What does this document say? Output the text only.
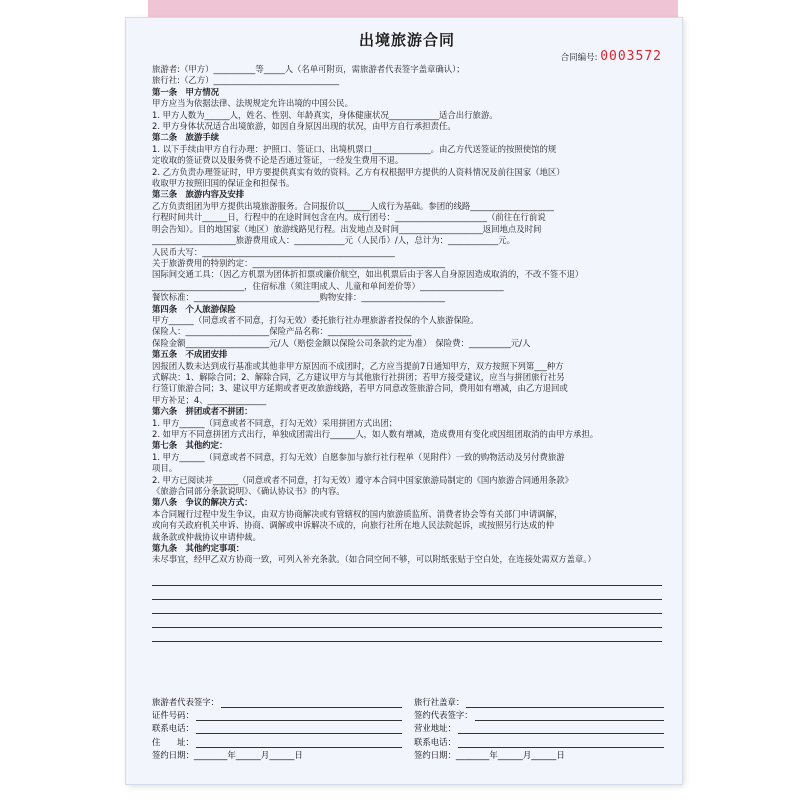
出境旅游合同
合同编号: 0003572
旅游者:（甲方）__________等_____人（名单可附页，需旅游者代表签字盖章确认）；
旅行社:（乙方）______________________________
第一条　甲方情况
甲方应当为依据法律、法规规定允许出境的中国公民。
1. 甲方人数为______人，姓名、性别、年龄真实，身体健康状况____________适合出行旅游。
2. 甲方身体状况适合出境旅游，如因自身原因出现的状况，由甲方自行承担责任。
第二条　旅游手续
1. 以下手续由甲方自行办理：护照口、签证口、出境机票口______________。由乙方代送签证的按照使馆的规
定收取的签证费以及服务费不论是否通过签证，一经发生费用不退。
2. 乙方负责办理签证时，甲方要提供真实有效的资料。乙方有权根据甲方提供的人资料情况及前往国家（地区）
收取甲方按照旧国的保证金和担保书。
第三条　旅游内容及安排
乙方负责组团为甲方提供出境旅游服务。合同报价以______人成行为基础。参团的线路____________________
行程时间共计______日，行程中的在途时间包含在内。成行团号：______________________（前往在行前说
明会告知）。目的地国家（地区）旅游线路见行程。出发地点及时间____________________返回地点及时间
____________________旅游费用成人：____________元（人民币）/人，总计为：____________元。
人民币大写：______________________________________________
关于旅游费用的特别约定：______________________________________________
国际间交通工具：（因乙方机票为团体折扣票或廉价航空，如出机票后由于客人自身原因造成取消的，不改不签不退）
______________________，住宿标准（须注明成人、儿童和单间差价等）____________________
餐饮标准：______________________________购物安排：____________________
第四条　个人旅游保险
甲方______（同意或者不同意，打勾无效）委托旅行社办理旅游者投保的个人旅游保险。
保险人：____________________保险产品名称：____________________
保险金额____________________元/人（赔偿金额以保险公司条款约定为准）　保险费：__________元/人
第五条　不成团安排
因报团人数未达到成行基准或其他非甲方原因而不成团时，乙方应当提前7日通知甲方，双方按照下列第___种方
式解决：1、解除合同；2、解除合同，乙方建议甲方与其他旅行社拼团；若甲方接受建议，应当与拼团旅行社另
行签订旅游合同；3、建议甲方延期或者更改旅游线路，若甲方同意改签旅游合同，费用如有增减，由乙方退回或
甲方补足；4、______________
第六条　拼团或者不拼团：
1. 甲方______（同意或者不同意，打勾无效）采用拼团方式出团；
2. 如甲方不同意拼团方式出行，单独成团需出行______人，如人数有增减，造成费用有变化或因组团取消的由甲方承担。
第七条　其他约定：
1. 甲方______（同意或者不同意，打勾无效）自愿参加与旅行社行程单（见附件）一致的购物活动及另付费旅游
项目。
2. 甲方已阅读并______（同意或者不同意，打勾无效）遵守本合同中国家旅游局制定的《国内旅游合同通用条款》
《旅游合同部分条款说明》、《确认协议书》的内容。
第八条　争议的解决方式：
本合同履行过程中发生争议，由双方协商解决或有管辖权的国内旅游质监所、消费者协会等有关部门申请调解，
或向有关政府机关申诉、协商、调解或申诉解决不成的，向旅行社所在地人民法院起诉，或按照另行达成的仲
裁条款或仲裁协议申请仲裁。
第九条　其他约定事项：
未尽事宜，经甲乙双方协商一致，可列入补充条款。（如合同空间不够，可以附纸张贴于空白处，在连接处需双方盖章。）
旅游者代表签字：
证件号码：
联系电话：
住　　址：
签约日期：________年______月______日
旅行社盖章：
签约代表签字：
营业地址：
联系电话：
签约日期：________年______月______日
